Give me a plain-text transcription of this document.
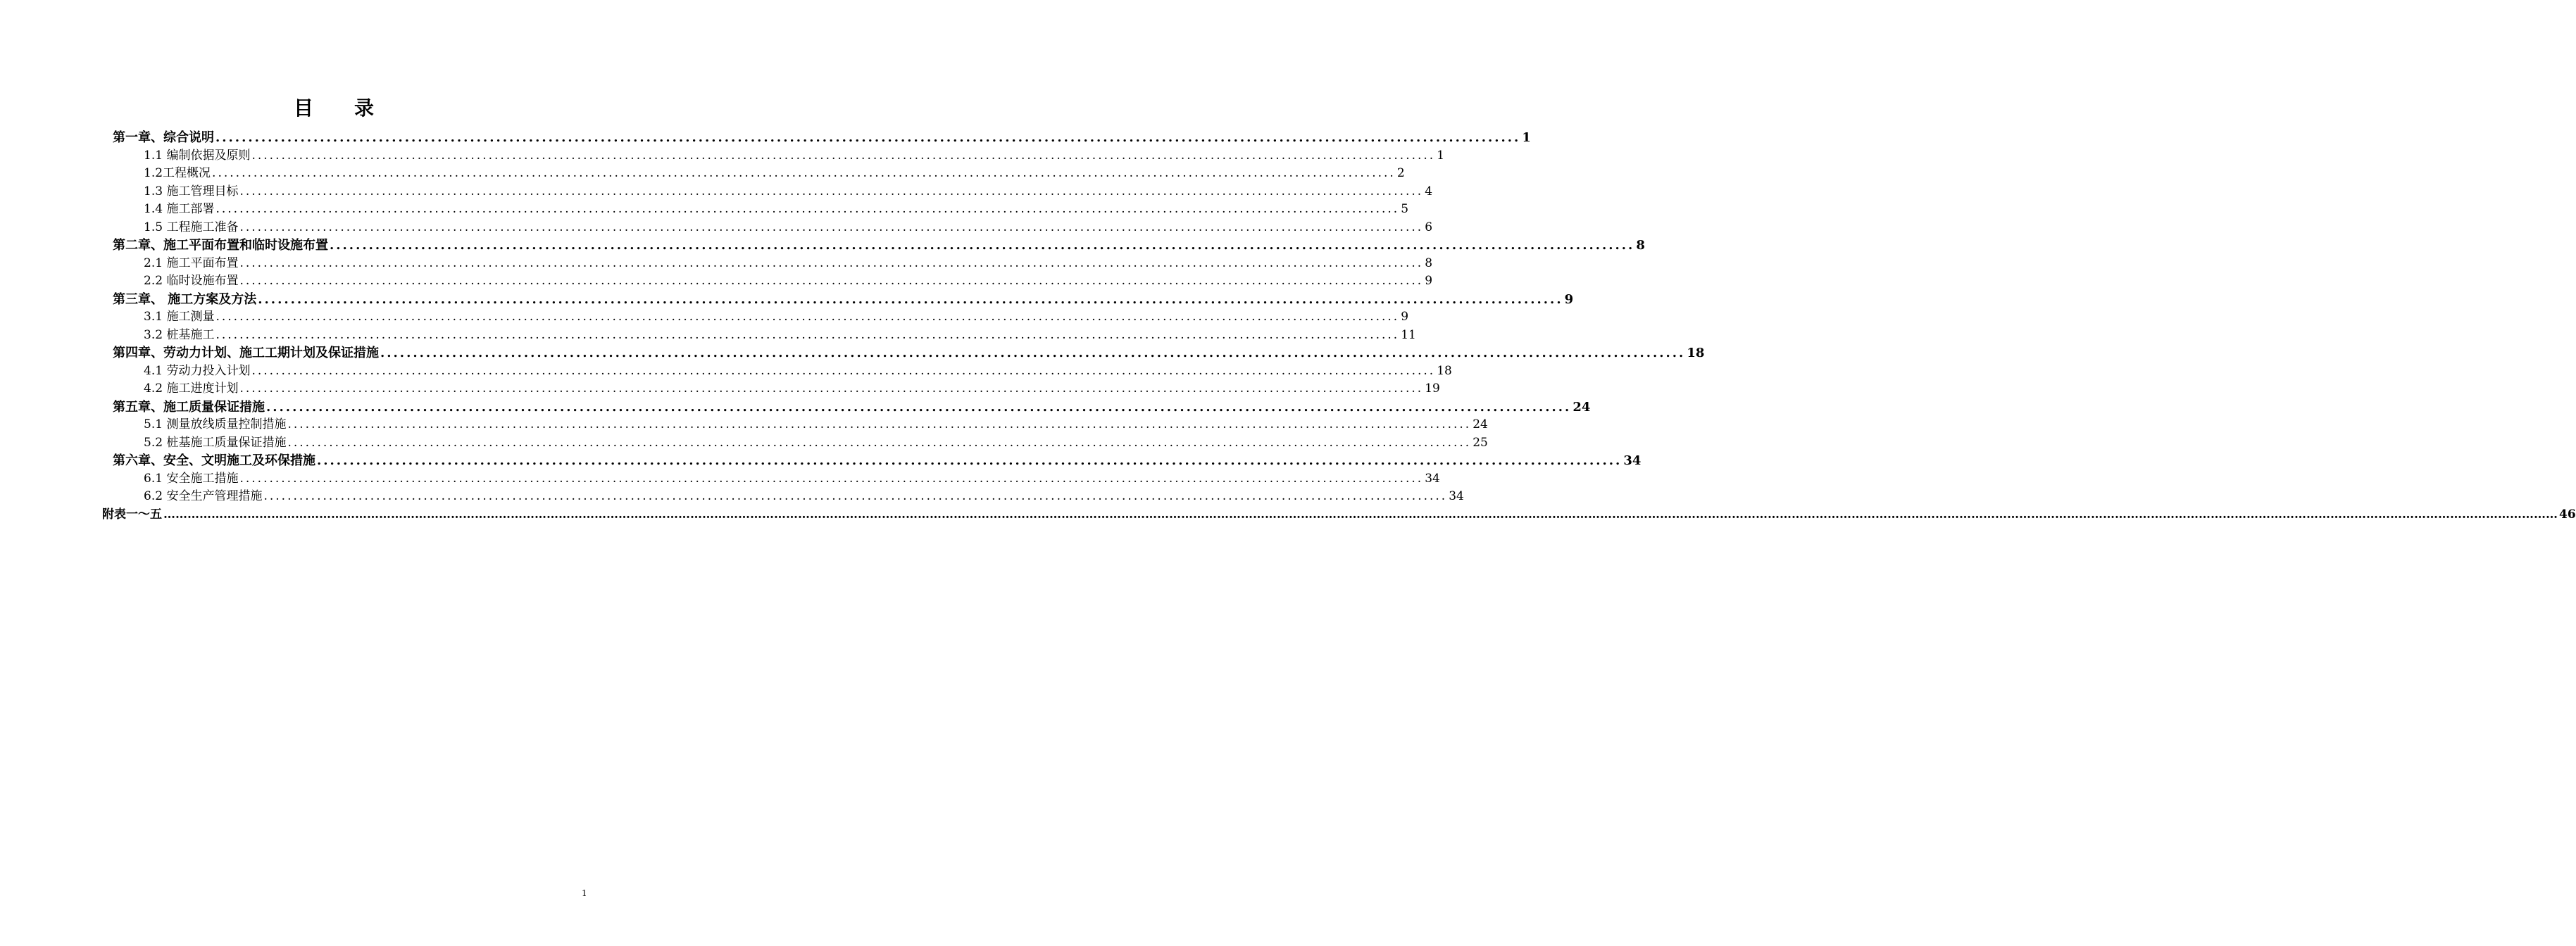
目 录
第一章、综合说明 ........................................................................................................................................................................................................ 1
1.1 编制依据及原则 ........................................................................................................................................................................................................ 1
1.2工程概况 ........................................................................................................................................................................................................ 2
1.3 施工管理目标 ........................................................................................................................................................................................................ 4
1.4 施工部署 ........................................................................................................................................................................................................ 5
1.5 工程施工准备 ........................................................................................................................................................................................................ 6
第二章、施工平面布置和临时设施布置 ........................................................................................................................................................................................................ 8
2.1 施工平面布置 ........................................................................................................................................................................................................ 8
2.2 临时设施布置 ........................................................................................................................................................................................................ 9
第三章、 施工方案及方法 ........................................................................................................................................................................................................ 9
3.1 施工测量 ........................................................................................................................................................................................................ 9
3.2 桩基施工 ........................................................................................................................................................................................................ 11
第四章、劳动力计划、施工工期计划及保证措施 ........................................................................................................................................................................................................ 18
4.1 劳动力投入计划 ........................................................................................................................................................................................................ 18
4.2 施工进度计划 ........................................................................................................................................................................................................ 19
第五章、施工质量保证措施 ........................................................................................................................................................................................................ 24
5.1 测量放线质量控制措施 ........................................................................................................................................................................................................ 24
5.2 桩基施工质量保证措施 ........................................................................................................................................................................................................ 25
第六章、安全、文明施工及环保措施 ........................................................................................................................................................................................................ 34
6.1 安全施工措施 ........................................................................................................................................................................................................ 34
6.2 安全生产管理措施 ........................................................................................................................................................................................................ 34
附表一～五 …………………………………………………………………………………………………………………………………………………………………………………………………………………………………………………………………………………………………………………………………………………………………………………………………………………………………………………………………………………………………………………………………………………… 46
1
